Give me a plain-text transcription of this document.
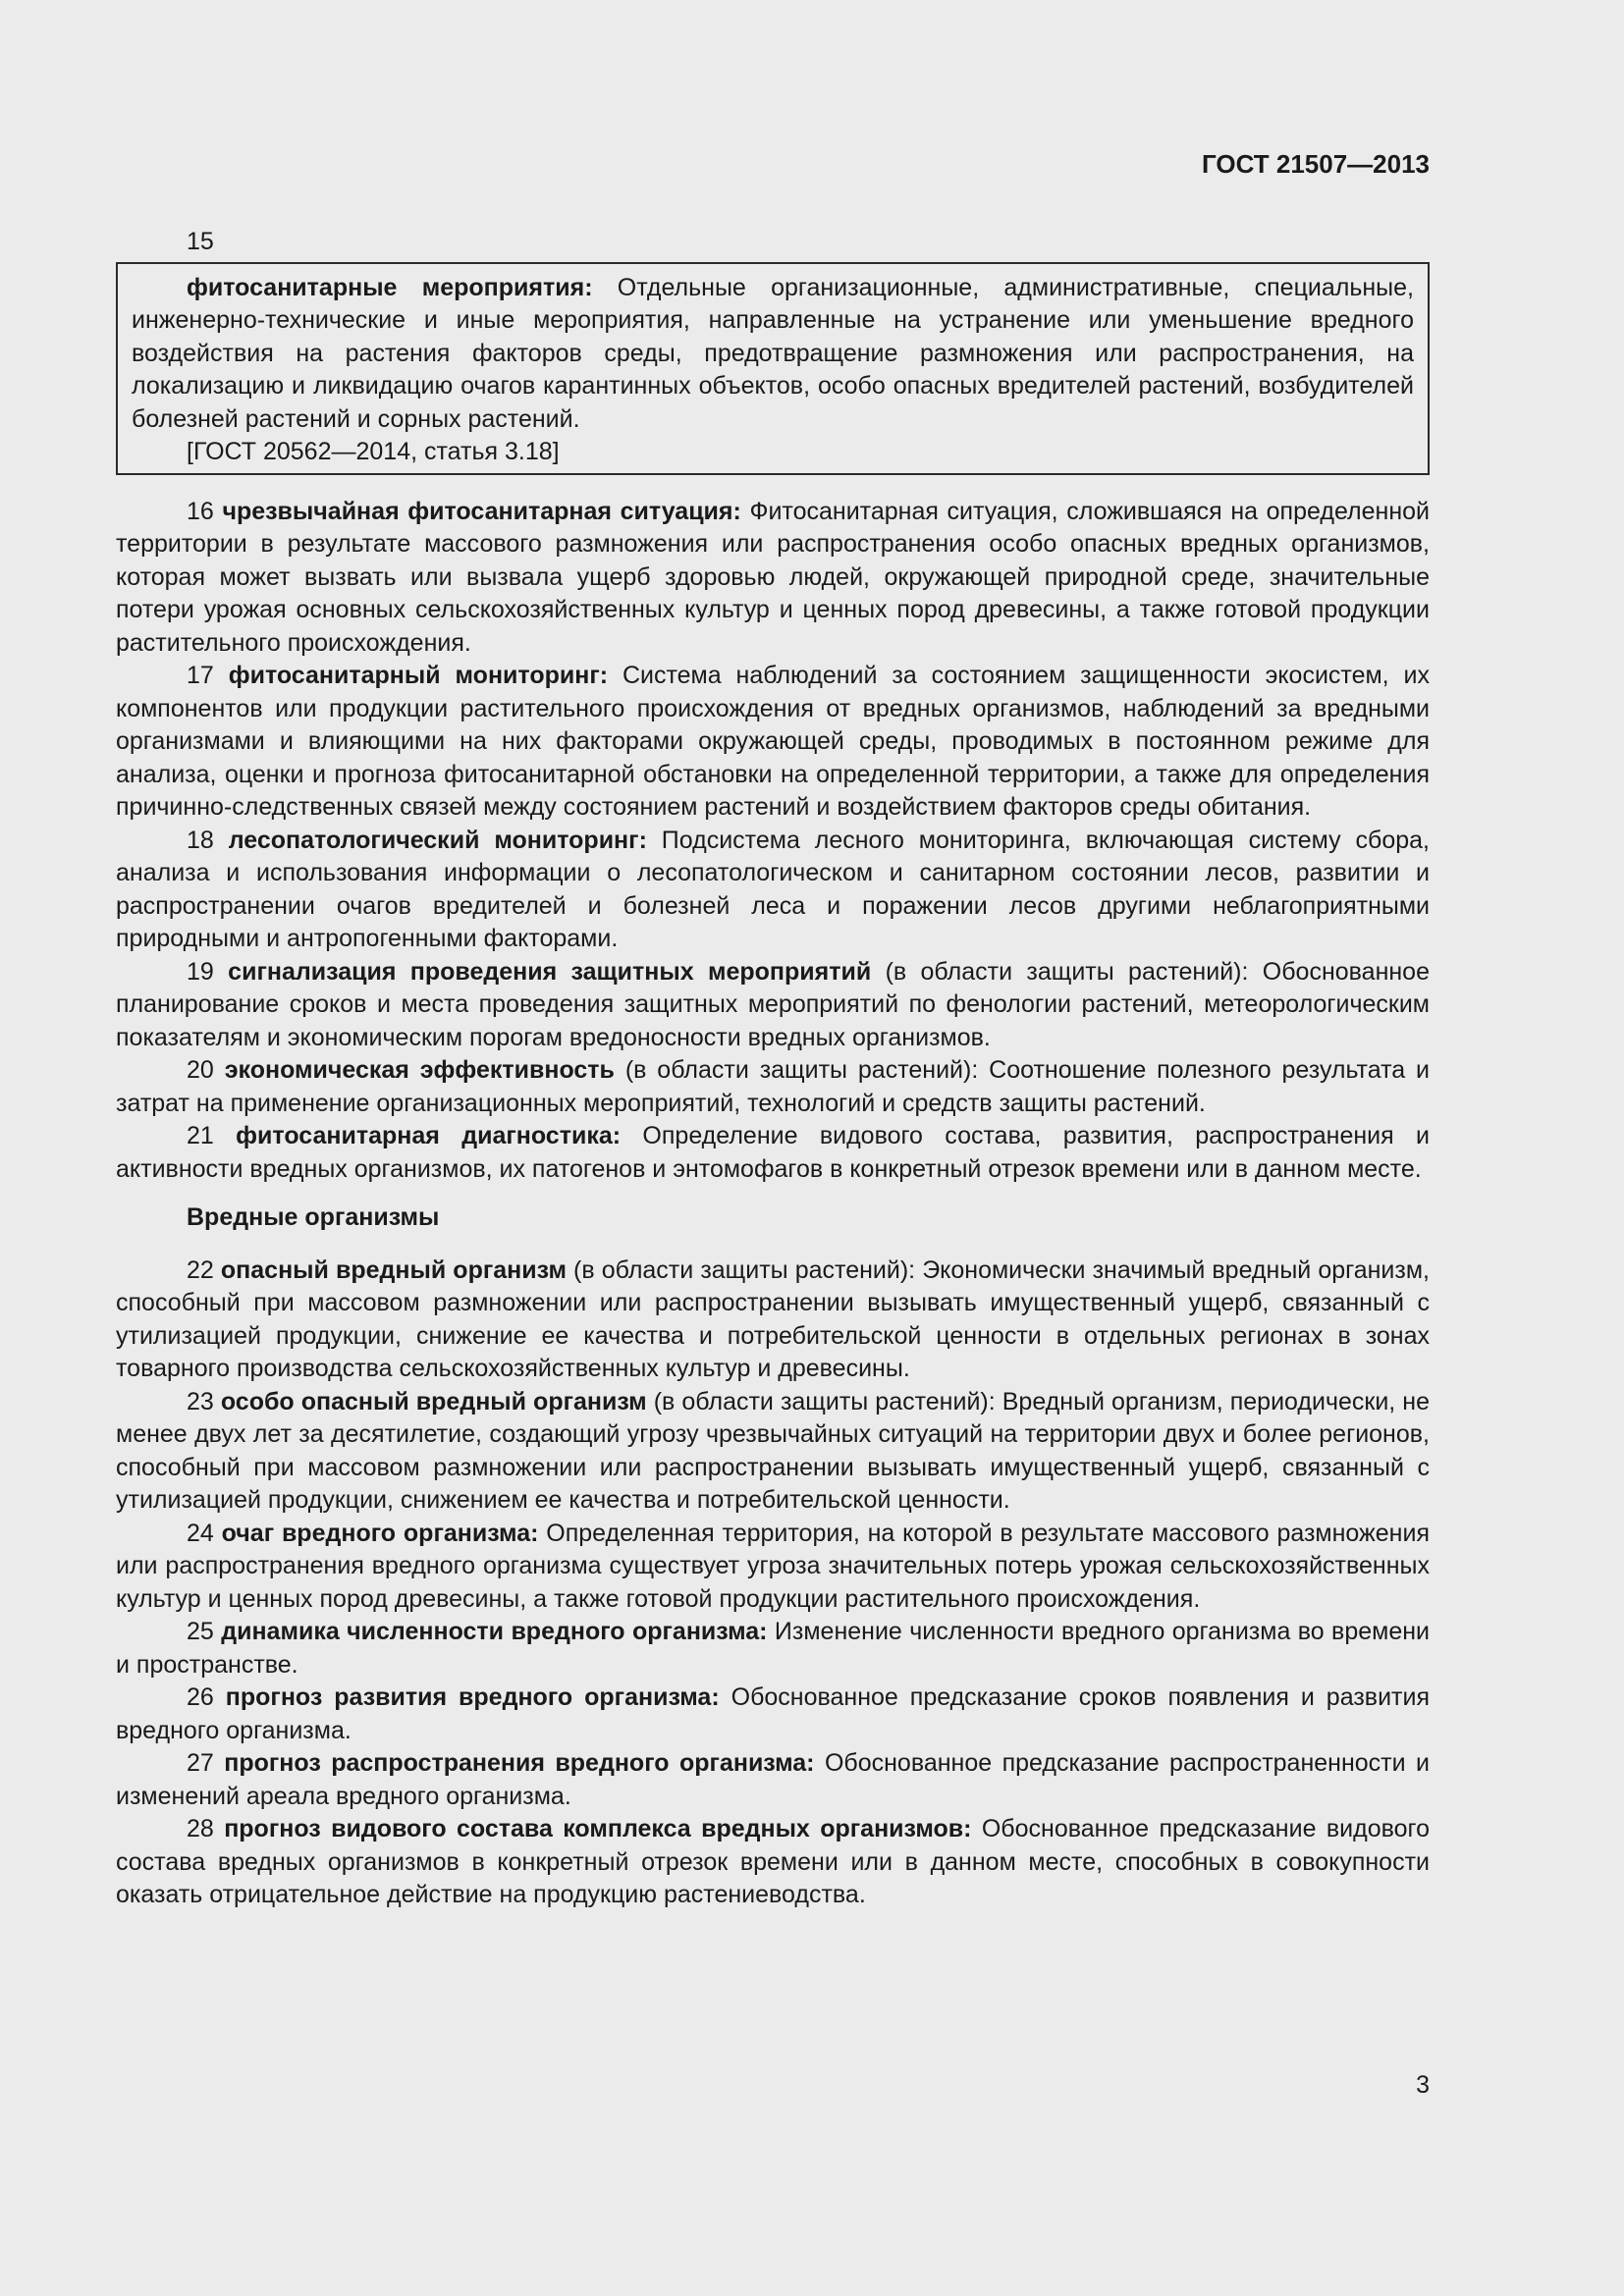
ГОСТ 21507—2013
15

фитосанитарные мероприятия: Отдельные организационные, административные, специальные, инженерно-технические и иные мероприятия, направленные на устранение или уменьшение вредного воздействия на растения факторов среды, предотвращение размножения или распространения, на локализацию и ликвидацию очагов карантинных объектов, особо опасных вредителей растений, возбудителей болезней растений и сорных растений.

[ГОСТ 20562—2014, статья 3.18]

16 чрезвычайная фитосанитарная ситуация: Фитосанитарная ситуация, сложившаяся на определенной территории в результате массового размножения или распространения особо опасных вредных организмов, которая может вызвать или вызвала ущерб здоровью людей, окружающей природной среде, значительные потери урожая основных сельскохозяйственных культур и ценных пород древесины, а также готовой продукции растительного происхождения.

17 фитосанитарный мониторинг: Система наблюдений за состоянием защищенности экосистем, их компонентов или продукции растительного происхождения от вредных организмов, наблюдений за вредными организмами и влияющими на них факторами окружающей среды, проводимых в постоянном режиме для анализа, оценки и прогноза фитосанитарной обстановки на определенной территории, а также для определения причинно-следственных связей между состоянием растений и воздействием факторов среды обитания.

18 лесопатологический мониторинг: Подсистема лесного мониторинга, включающая систему сбора, анализа и использования информации о лесопатологическом и санитарном состоянии лесов, развитии и распространении очагов вредителей и болезней леса и поражении лесов другими неблагоприятными природными и антропогенными факторами.

19 сигнализация проведения защитных мероприятий (в области защиты растений): Обоснованное планирование сроков и места проведения защитных мероприятий по фенологии растений, метеорологическим показателям и экономическим порогам вредоносности вредных организмов.

20 экономическая эффективность (в области защиты растений): Соотношение полезного результата и затрат на применение организационных мероприятий, технологий и средств защиты растений.

21 фитосанитарная диагностика: Определение видового состава, развития, распространения и активности вредных организмов, их патогенов и энтомофагов в конкретный отрезок времени или в данном месте.

Вредные организмы

22 опасный вредный организм (в области защиты растений): Экономически значимый вредный организм, способный при массовом размножении или распространении вызывать имущественный ущерб, связанный с утилизацией продукции, снижение ее качества и потребительской ценности в отдельных регионах в зонах товарного производства сельскохозяйственных культур и древесины.

23 особо опасный вредный организм (в области защиты растений): Вредный организм, периодически, не менее двух лет за десятилетие, создающий угрозу чрезвычайных ситуаций на территории двух и более регионов, способный при массовом размножении или распространении вызывать имущественный ущерб, связанный с утилизацией продукции, снижением ее качества и потребительской ценности.

24 очаг вредного организма: Определенная территория, на которой в результате массового размножения или распространения вредного организма существует угроза значительных потерь урожая сельскохозяйственных культур и ценных пород древесины, а также готовой продукции растительного происхождения.

25 динамика численности вредного организма: Изменение численности вредного организма во времени и пространстве.

26 прогноз развития вредного организма: Обоснованное предсказание сроков появления и развития вредного организма.

27 прогноз распространения вредного организма: Обоснованное предсказание распространенности и изменений ареала вредного организма.

28 прогноз видового состава комплекса вредных организмов: Обоснованное предсказание видового состава вредных организмов в конкретный отрезок времени или в данном месте, способных в совокупности оказать отрицательное действие на продукцию растениеводства.

3
